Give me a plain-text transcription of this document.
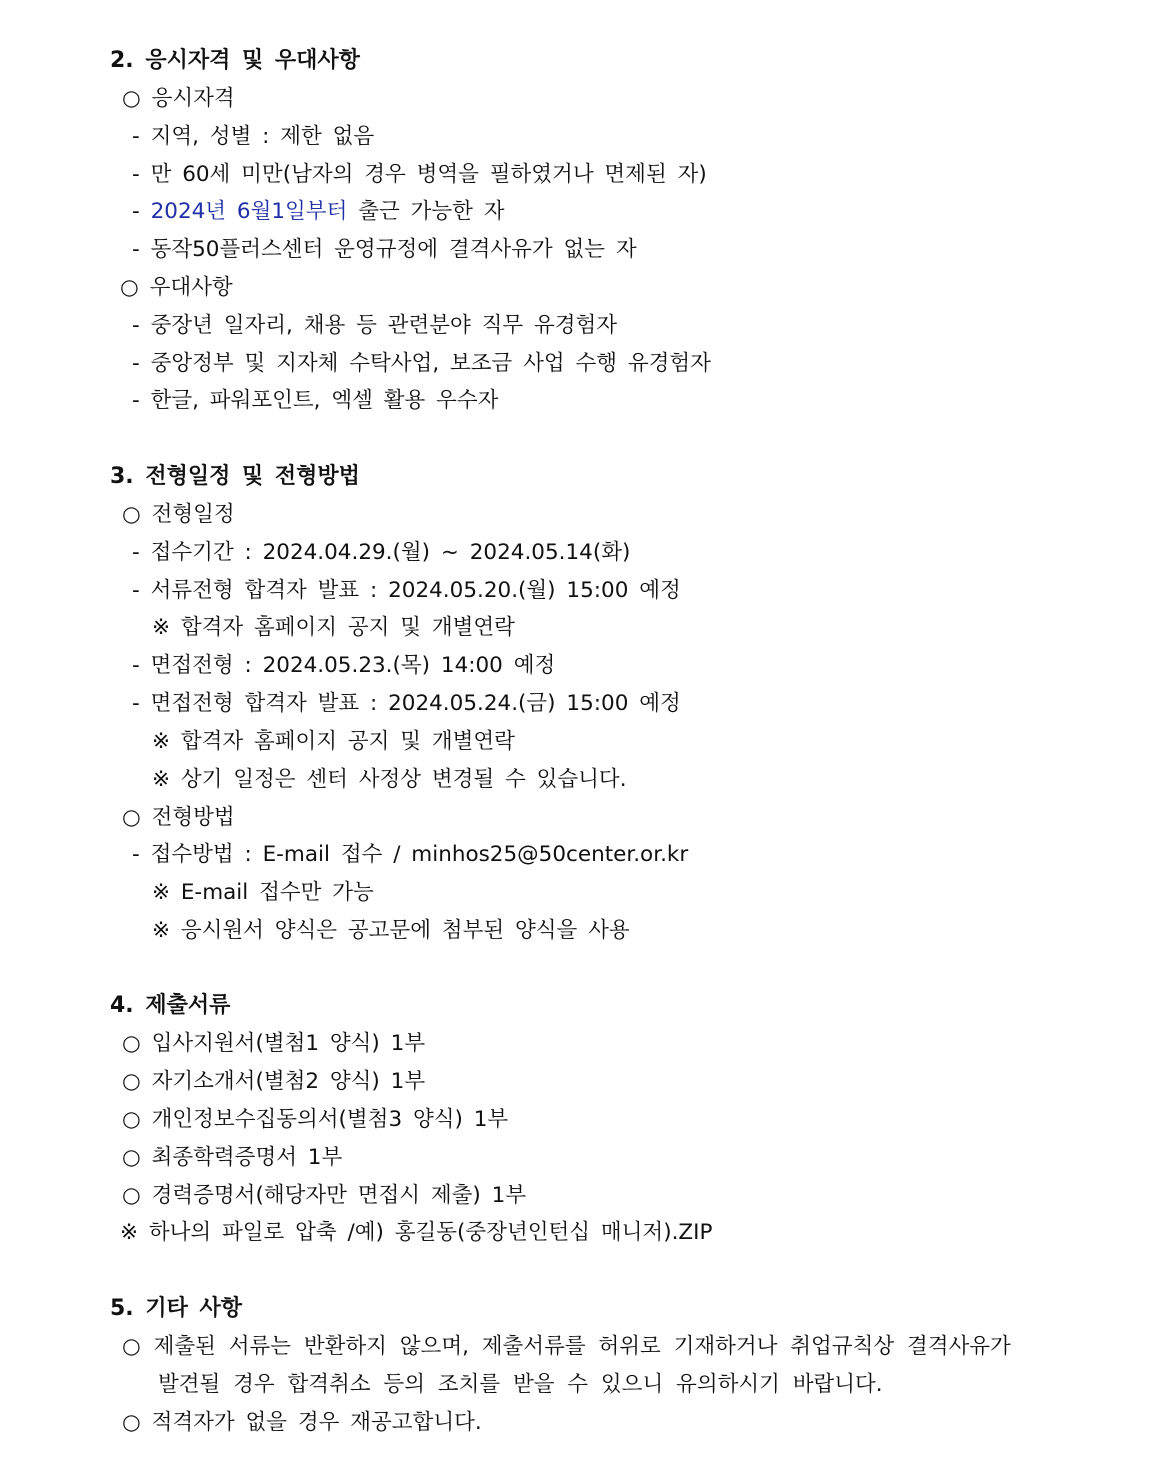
2. 응시자격 및 우대사항
○ 응시자격
- 지역, 성별 : 제한 없음
- 만 60세 미만(남자의 경우 병역을 필하였거나 면제된 자)
- 2024년 6월1일부터 출근 가능한 자
- 동작50플러스센터 운영규정에 결격사유가 없는 자
○ 우대사항
- 중장년 일자리, 채용 등 관련분야 직무 유경험자
- 중앙정부 및 지자체 수탁사업, 보조금 사업 수행 유경험자
- 한글, 파워포인트, 엑셀 활용 우수자
3. 전형일정 및 전형방법
○ 전형일정
- 접수기간 : 2024.04.29.(월) ~ 2024.05.14(화)
- 서류전형 합격자 발표 : 2024.05.20.(월) 15:00 예정
※ 합격자 홈페이지 공지 및 개별연락
- 면접전형 : 2024.05.23.(목) 14:00 예정
- 면접전형 합격자 발표 : 2024.05.24.(금) 15:00 예정
※ 합격자 홈페이지 공지 및 개별연락
※ 상기 일정은 센터 사정상 변경될 수 있습니다.
○ 전형방법
- 접수방법 : E-mail 접수 / minhos25@50center.or.kr
※ E-mail 접수만 가능
※ 응시원서 양식은 공고문에 첨부된 양식을 사용
4. 제출서류
○ 입사지원서(별첨1 양식) 1부
○ 자기소개서(별첨2 양식) 1부
○ 개인정보수집동의서(별첨3 양식) 1부
○ 최종학력증명서 1부
○ 경력증명서(해당자만 면접시 제출) 1부
※ 하나의 파일로 압축 /예) 홍길동(중장년인턴십 매니저).ZIP
5. 기타 사항
○ 제출된 서류는 반환하지 않으며, 제출서류를 허위로 기재하거나 취업규칙상 결격사유가
발견될 경우 합격취소 등의 조치를 받을 수 있으니 유의하시기 바랍니다.
○ 적격자가 없을 경우 재공고합니다.
